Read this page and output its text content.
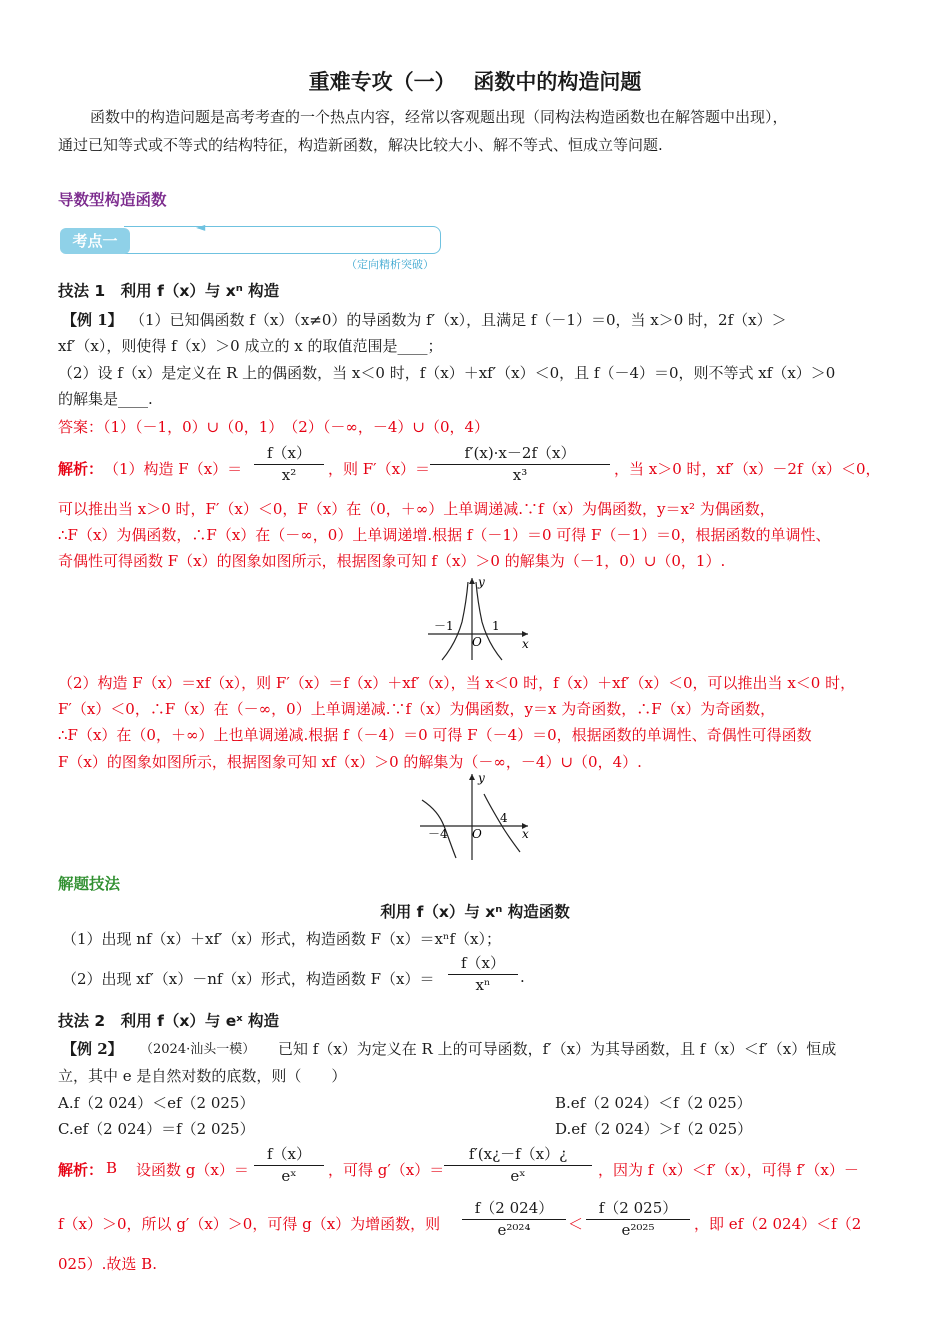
重难专攻（一）　 函数中的构造问题
函数中的构造问题是高考考查的一个热点内容，经常以客观题出现（同构法构造函数也在解答题中出现），
通过已知等式或不等式的结构特征，构造新函数，解决比较大小、解不等式、恒成立等问题.
导数型构造函数
考点一
（定向精析突破）
◄
技法 1　利用 f（x）与 xⁿ 构造
【例 1】 （1）已知偶函数 f（x）（x≠0）的导函数为 f′（x），且满足 f（－1）＝0，当 x＞0 时，2f（x）＞
xf′（x），则使得 f（x）＞0 成立的 x 的取值范围是____；
（2）设 f（x）是定义在 R 上的偶函数，当 x＜0 时，f（x）＋xf′（x）＜0，且 f（－4）＝0，则不等式 xf（x）＞0
的解集是____.
答案：（1）（－1，0）∪（0，1）　（2）（－∞，－4）∪（0，4）
解析： （1）构造 F（x）＝
f（x）
x²	，则 F′（x）＝
f′(x)·x－2f（x）
x³	，当 x＞0 时，xf′（x）－2f（x）＜0，
可以推出当 x＞0 时，F′（x）＜0，F（x）在（0，＋∞）上单调递减.∵f（x）为偶函数，y＝x² 为偶函数，
∴F（x）为偶函数，∴F（x）在（－∞，0）上单调递增.根据 f（－1）＝0 可得 F（－1）＝0，根据函数的单调性、
奇偶性可得函数 F（x）的图象如图所示，根据图象可知 f（x）＞0 的解集为（－1，0）∪（0，1）.
y
x
O
－1	1
（2）构造 F（x）＝xf（x），则 F′（x）＝f（x）＋xf′（x），当 x＜0 时，f（x）＋xf′（x）＜0，可以推出当 x＜0 时，
F′（x）＜0，∴F（x）在（－∞，0）上单调递减.∵f（x）为偶函数，y＝x 为奇函数，∴F（x）为奇函数，
∴F（x）在（0，＋∞）上也单调递减.根据 f（－4）＝0 可得 F（－4）＝0，根据函数的单调性、奇偶性可得函数
F（x）的图象如图所示，根据图象可知 xf（x）＞0 的解集为（－∞，－4）∪（0，4）.
y
x
O
－4
4
解题技法
利用 f（x）与 xⁿ 构造函数
（1）出现 nf（x）＋xf′（x）形式，构造函数 F（x）＝xⁿf（x）；
（2）出现 xf′（x）－nf（x）形式，构造函数 F（x）＝
f（x）
xⁿ	.
技法 2　利用 f（x）与 eˣ 构造
【例 2】 （2024·汕头一模） 已知 f（x）为定义在 R 上的可导函数，f′（x）为其导函数，且 f（x）＜f′（x）恒成
立，其中 e 是自然对数的底数，则（　　）
A.f（2 024）＜ef（2 025）	B.ef（2 024）＜f（2 025）
C.ef（2 024）＝f（2 025）	D.ef（2 024）＞f（2 025）
解析： B 设函数 g（x）＝
f（x）
eˣ	，可得 g′（x）＝
f′(x¿－f（x）¿
eˣ	，因为 f（x）＜f′（x），可得 f′（x）－
f（x）＞0，所以 g′（x）＞0，可得 g（x）为增函数，则
f（2 024）
e²⁰²⁴	＜
f（2 025）
e²⁰²⁵	，即 ef（2 024）＜f（2
025）.故选 B.
